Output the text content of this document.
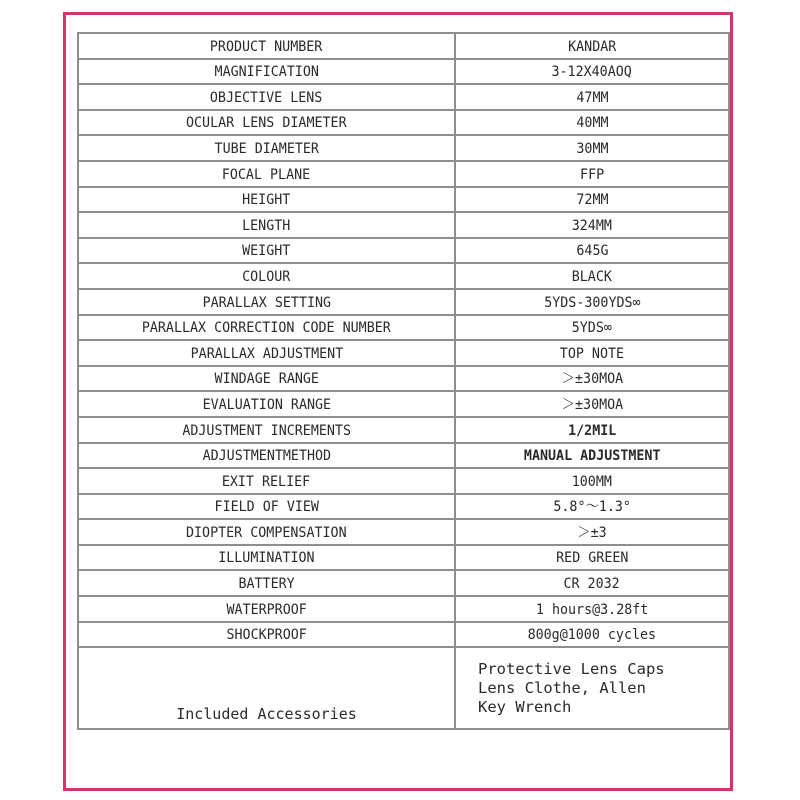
PRODUCT NUMBER	KANDAR
MAGNIFICATION	3-12X40AOQ
OBJECTIVE LENS	47MM
OCULAR LENS DIAMETER	40MM
TUBE DIAMETER	30MM
FOCAL PLANE	FFP
HEIGHT	72MM
LENGTH	324MM
WEIGHT	645G
COLOUR	BLACK
PARALLAX SETTING	5YDS-300YDS∞
PARALLAX CORRECTION CODE NUMBER	5YDS∞
PARALLAX ADJUSTMENT	TOP NOTE
WINDAGE RANGE	＞±30MOA
EVALUATION RANGE	＞±30MOA
ADJUSTMENT INCREMENTS	1/2MIL
ADJUSTMENTMETHOD	MANUAL ADJUSTMENT
EXIT RELIEF	100MM
FIELD OF VIEW	5.8°～1.3°
DIOPTER COMPENSATION	＞±3
ILLUMINATION	RED GREEN
BATTERY	CR 2032
WATERPROOF	1 hours@3.28ft
SHOCKPROOF	800g@1000 cycles
Included Accessories	Protective Lens Caps
Lens Clothe, Allen
Key Wrench
